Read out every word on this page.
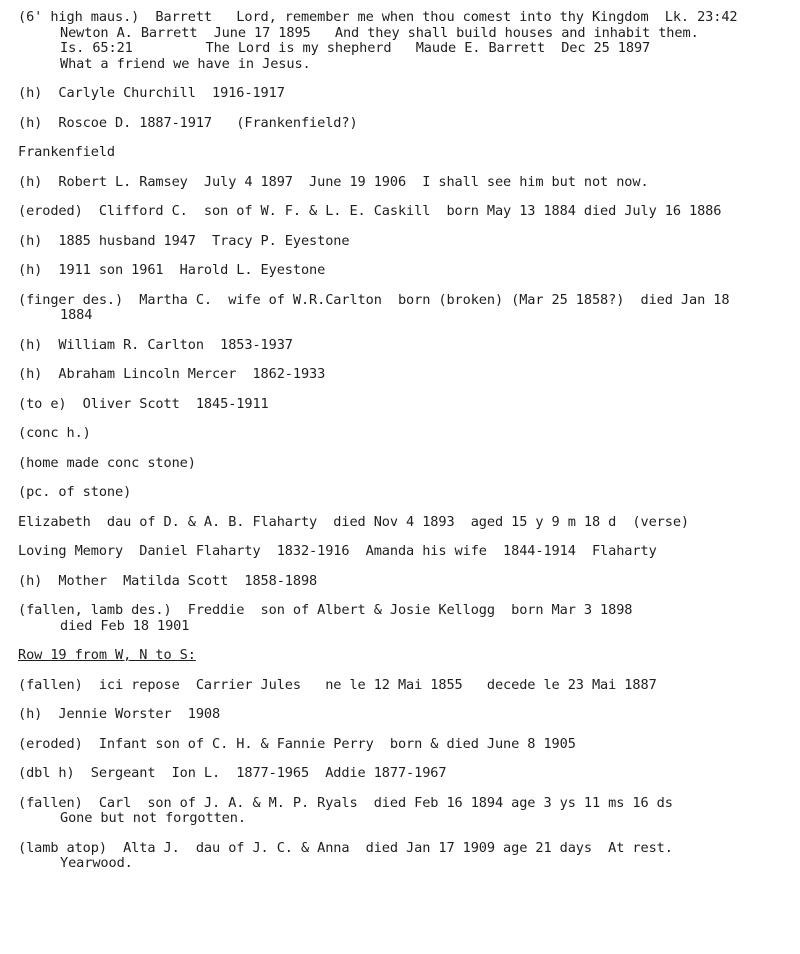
(6' high maus.)  Barrett   Lord, remember me when thou comest into thy Kingdom  Lk. 23:42
Newton A. Barrett  June 17 1895   And they shall build houses and inhabit them.
Is. 65:21         The Lord is my shepherd   Maude E. Barrett  Dec 25 1897
What a friend we have in Jesus.
(h)  Carlyle Churchill  1916-1917
(h)  Roscoe D. 1887-1917   (Frankenfield?)
Frankenfield
(h)  Robert L. Ramsey  July 4 1897  June 19 1906  I shall see him but not now.
(eroded)  Clifford C.  son of W. F. & L. E. Caskill  born May 13 1884 died July 16 1886
(h)  1885 husband 1947  Tracy P. Eyestone
(h)  1911 son 1961  Harold L. Eyestone
(finger des.)  Martha C.  wife of W.R.Carlton  born (broken) (Mar 25 1858?)  died Jan 18
1884
(h)  William R. Carlton  1853-1937
(h)  Abraham Lincoln Mercer  1862-1933
(to e)  Oliver Scott  1845-1911
(conc h.)
(home made conc stone)
(pc. of stone)
Elizabeth  dau of D. & A. B. Flaharty  died Nov 4 1893  aged 15 y 9 m 18 d  (verse)
Loving Memory  Daniel Flaharty  1832-1916  Amanda his wife  1844-1914  Flaharty
(h)  Mother  Matilda Scott  1858-1898
(fallen, lamb des.)  Freddie  son of Albert & Josie Kellogg  born Mar 3 1898
died Feb 18 1901
Row 19 from W, N to S:
(fallen)  ici repose  Carrier Jules   ne le 12 Mai 1855   decede le 23 Mai 1887
(h)  Jennie Worster  1908
(eroded)  Infant son of C. H. & Fannie Perry  born & died June 8 1905
(dbl h)  Sergeant  Ion L.  1877-1965  Addie 1877-1967
(fallen)  Carl  son of J. A. & M. P. Ryals  died Feb 16 1894 age 3 ys 11 ms 16 ds
Gone but not forgotten.
(lamb atop)  Alta J.  dau of J. C. & Anna  died Jan 17 1909 age 21 days  At rest.
Yearwood.
